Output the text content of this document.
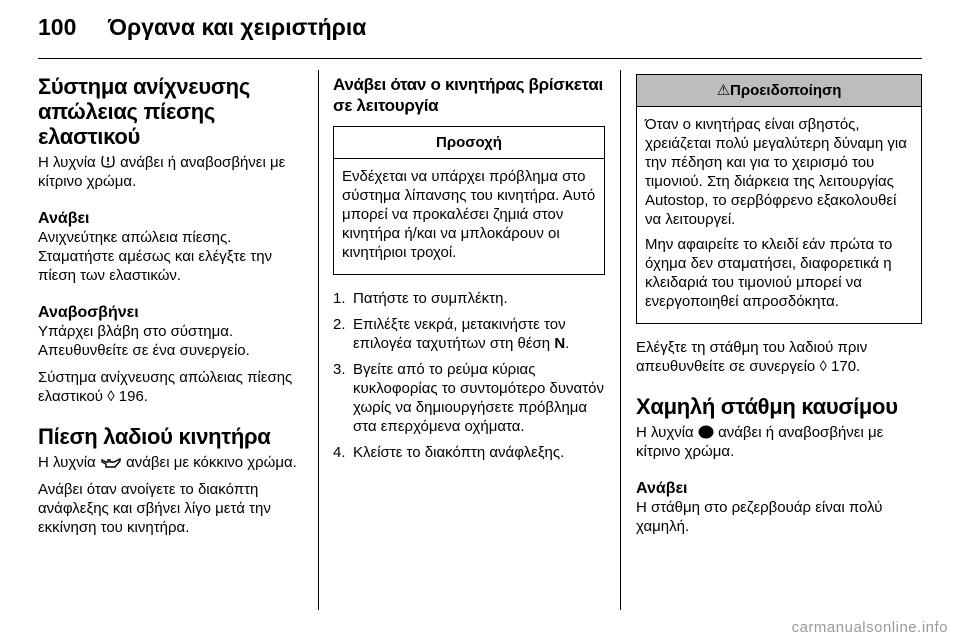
100 Όργανα και χειριστήρια
Σύστημα ανίχνευσης
απώλειας πίεσης
ελαστικού

Η λυχνία ανάβει ή αναβοσβήνει με κίτρινο χρώμα.

Ανάβει

Ανιχνεύτηκε απώλεια πίεσης. Σταματήστε αμέσως και ελέγξτε την πίεση των ελαστικών.

Αναβοσβήνει

Υπάρχει βλάβη στο σύστημα. Απευθυνθείτε σε ένα συνεργείο.

Σύστημα ανίχνευσης απώλειας πίεσης ελαστικού ◊ 196.

Πίεση λαδιού κινητήρα

Η λυχνία ανάβει με κόκκινο χρώμα.

Ανάβει όταν ανοίγετε το διακόπτη ανάφλεξης και σβήνει λίγο μετά την εκκίνηση του κινητήρα.

Ανάβει όταν ο κινητήρας βρίσκεται σε λειτουργία
Προσοχή

Ενδέχεται να υπάρχει πρόβλημα στο σύστημα λίπανσης του κινητήρα. Αυτό μπορεί να προκαλέσει ζημιά στον κινητήρα ή/και να μπλοκάρουν οι κινητήριοι τροχοί.

1. Πατήστε το συμπλέκτη.
2. Επιλέξτε νεκρά, μετακινήστε τον επιλογέα ταχυτήτων στη θέση N.
3. Βγείτε από το ρεύμα κύριας κυκλοφορίας το συντομότερο δυνατόν χωρίς να δημιουργήσετε πρόβλημα στα επερχόμενα οχήματα.
4. Κλείστε το διακόπτη ανάφλεξης.
⚠Προειδοποίηση

Όταν ο κινητήρας είναι σβηστός, χρειάζεται πολύ μεγαλύτερη δύναμη για την πέδηση και για το χειρισμό του τιμονιού. Στη διάρκεια της λειτουργίας Autostop, το σερβόφρενο εξακολουθεί να λειτουργεί.

Μην αφαιρείτε το κλειδί εάν πρώτα το όχημα δεν σταματήσει, διαφορετικά η κλειδαριά του τιμονιού μπορεί να ενεργοποιηθεί απροσδόκητα.

Ελέγξτε τη στάθμη του λαδιού πριν απευθυνθείτε σε συνεργείο ◊ 170.

Χαμηλή στάθμη καυσίμου

Η λυχνία ανάβει ή αναβοσβήνει με κίτρινο χρώμα.

Ανάβει

Η στάθμη στο ρεζερβουάρ είναι πολύ χαμηλή.

carmanualsonline.info
